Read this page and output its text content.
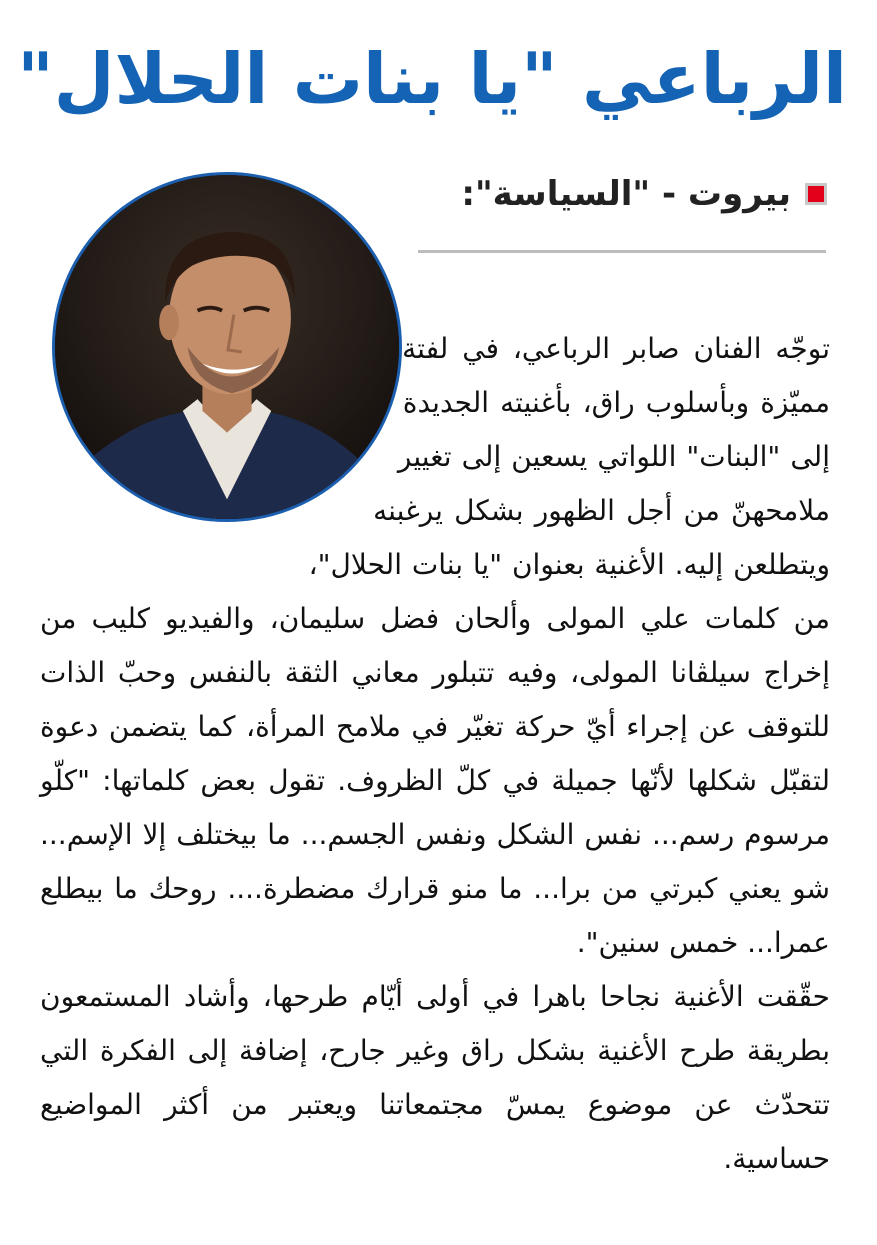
الرباعي "يا بنات الحلال"
بيروت - "السياسة":

توجّه الفنان صابر الرباعي، في لفتة مميّزة وبأسلوب راق، بأغنيته الجديدة إلى "البنات" اللواتي يسعين إلى تغيير ملامحهنّ من أجل الظهور بشكل يرغبنه ويتطلعن إليه. الأغنية بعنوان "يا بنات الحلال"، من كلمات علي المولى وألحان فضل سليمان، والفيديو كليب من إخراج سيلڤانا المولى، وفيه تتبلور معاني الثقة بالنفس وحبّ الذات للتوقف عن إجراء أيّ حركة تغيّر في ملامح المرأة، كما يتضمن دعوة لتقبّل شكلها لأنّها جميلة في كلّ الظروف. تقول بعض كلماتها: "كلّو مرسوم رسم... نفس الشكل ونفس الجسم... ما بيختلف إلا الإسم... شو يعني كبرتي من برا... ما منو قرارك مضطرة.... روحك ما بيطلع عمرا... خمس سنين".

حقّقت الأغنية نجاحا باهرا في أولى أيّام طرحها، وأشاد المستمعون بطريقة طرح الأغنية بشكل راق وغير جارح، إضافة إلى الفكرة التي تتحدّث عن موضوع يمسّ مجتمعاتنا ويعتبر من أكثر المواضيع حساسية.
